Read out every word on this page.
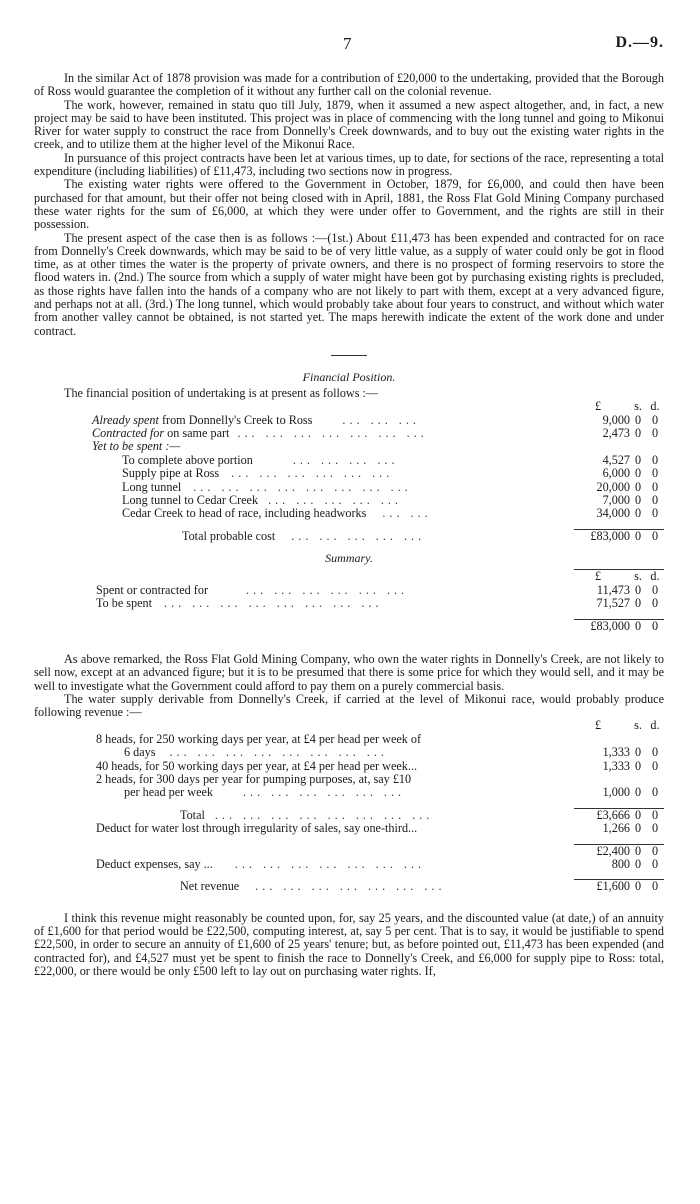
7	D.—9.

In the similar Act of 1878 provision was made for a contribution of £20,000 to the undertaking, provided that the Borough of Ross would guarantee the completion of it without any further call on the colonial revenue.

The work, however, remained in statu quo till July, 1879, when it assumed a new aspect altogether, and, in fact, a new project may be said to have been instituted. This project was in place of commencing with the long tunnel and going to Mikonui River for water supply to construct the race from Donnelly's Creek downwards, and to buy out the existing water rights in the creek, and to utilize them at the higher level of the Mikonui Race.

In pursuance of this project contracts have been let at various times, up to date, for sections of the race, representing a total expenditure (including liabilities) of £11,473, including two sections now in progress.

The existing water rights were offered to the Government in October, 1879, for £6,000, and could then have been purchased for that amount, but their offer not being closed with in April, 1881, the Ross Flat Gold Mining Company purchased these water rights for the sum of £6,000, at which they were under offer to Government, and the rights are still in their possession.

The present aspect of the case then is as follows :—(1st.) About £11,473 has been expended and contracted for on race from Donnelly's Creek downwards, which may be said to be of very little value, as a supply of water could only be got in flood time, as at other times the water is the property of private owners, and there is no prospect of forming reservoirs to store the flood waters in. (2nd.) The source from which a supply of water might have been got by purchasing existing rights is precluded, as those rights have fallen into the hands of a company who are not likely to part with them, except at a very advanced figure, and perhaps not at all. (3rd.) The long tunnel, which would probably take about four years to construct, and without which water from another valley cannot be obtained, is not started yet. The maps herewith indicate the extent of the work done and under contract.

Financial Position.

The financial position of undertaking is at present as follows :—

	£	s.	d.
Already spent from Donnelly's Creek to Ross ... ... ...	9,000	0	0
Contracted for on same part ... ... ... ... ... ... ...	2,473	0	0
Yet to be spent :—			
To complete above portion ... ... ... ...	4,527	0	0
Supply pipe at Ross ... ... ... ... ... ...	6,000	0	0
Long tunnel ... ... ... ... ... ... ... ...	20,000	0	0
Long tunnel to Cedar Creek ... ... ... ... ...	7,000	0	0
Cedar Creek to head of race, including headworks ... ...	34,000	0	0

Total probable cost ... ... ... ... ...	£83,000	0	0
Summary.
	£	s.	d.
Spent or contracted for ... ... ... ... ... ...	11,473	0	0
To be spent ... ... ... ... ... ... ... ...	71,527	0	0

	£83,000	0	0

As above remarked, the Ross Flat Gold Mining Company, who own the water rights in Donnelly's Creek, are not likely to sell now, except at an advanced figure; but it is to be presumed that there is some price for which they would sell, and it may be well to investigate what the Government could afford to pay them on a purely commercial basis.

The water supply derivable from Donnelly's Creek, if carried at the level of Mikonui race, would probably produce following revenue :—

	£	s.	d.
8 heads, for 250 working days per year, at £4 per head per week of			
6 days ... ... ... ... ... ... ... ...	1,333	0	0
40 heads, for 50 working days per year, at £4 per head per week...	1,333	0	0
2 heads, for 300 days per year for pumping purposes, at, say £10			
per head per week ... ... ... ... ... ...	1,000	0	0

Total ... ... ... ... ... ... ... ...	£3,666	0	0
Deduct for water lost through irregularity of sales, say one-third...	1,266	0	0

	£2,400	0	0
Deduct expenses, say ... ... ... ... ... ... ... ...	800	0	0

Net revenue ... ... ... ... ... ... ...	£1,600	0	0

I think this revenue might reasonably be counted upon, for, say 25 years, and the discounted value (at date,) of an annuity of £1,600 for that period would be £22,500, computing interest, at, say 5 per cent. That is to say, it would be justifiable to spend £22,500, in order to secure an annuity of £1,600 of 25 years' tenure; but, as before pointed out, £11,473 has been expended (and contracted for), and £4,527 must yet be spent to finish the race to Donnelly's Creek, and £6,000 for supply pipe to Ross: total, £22,000, or there would be only £500 left to lay out on purchasing water rights. If,
